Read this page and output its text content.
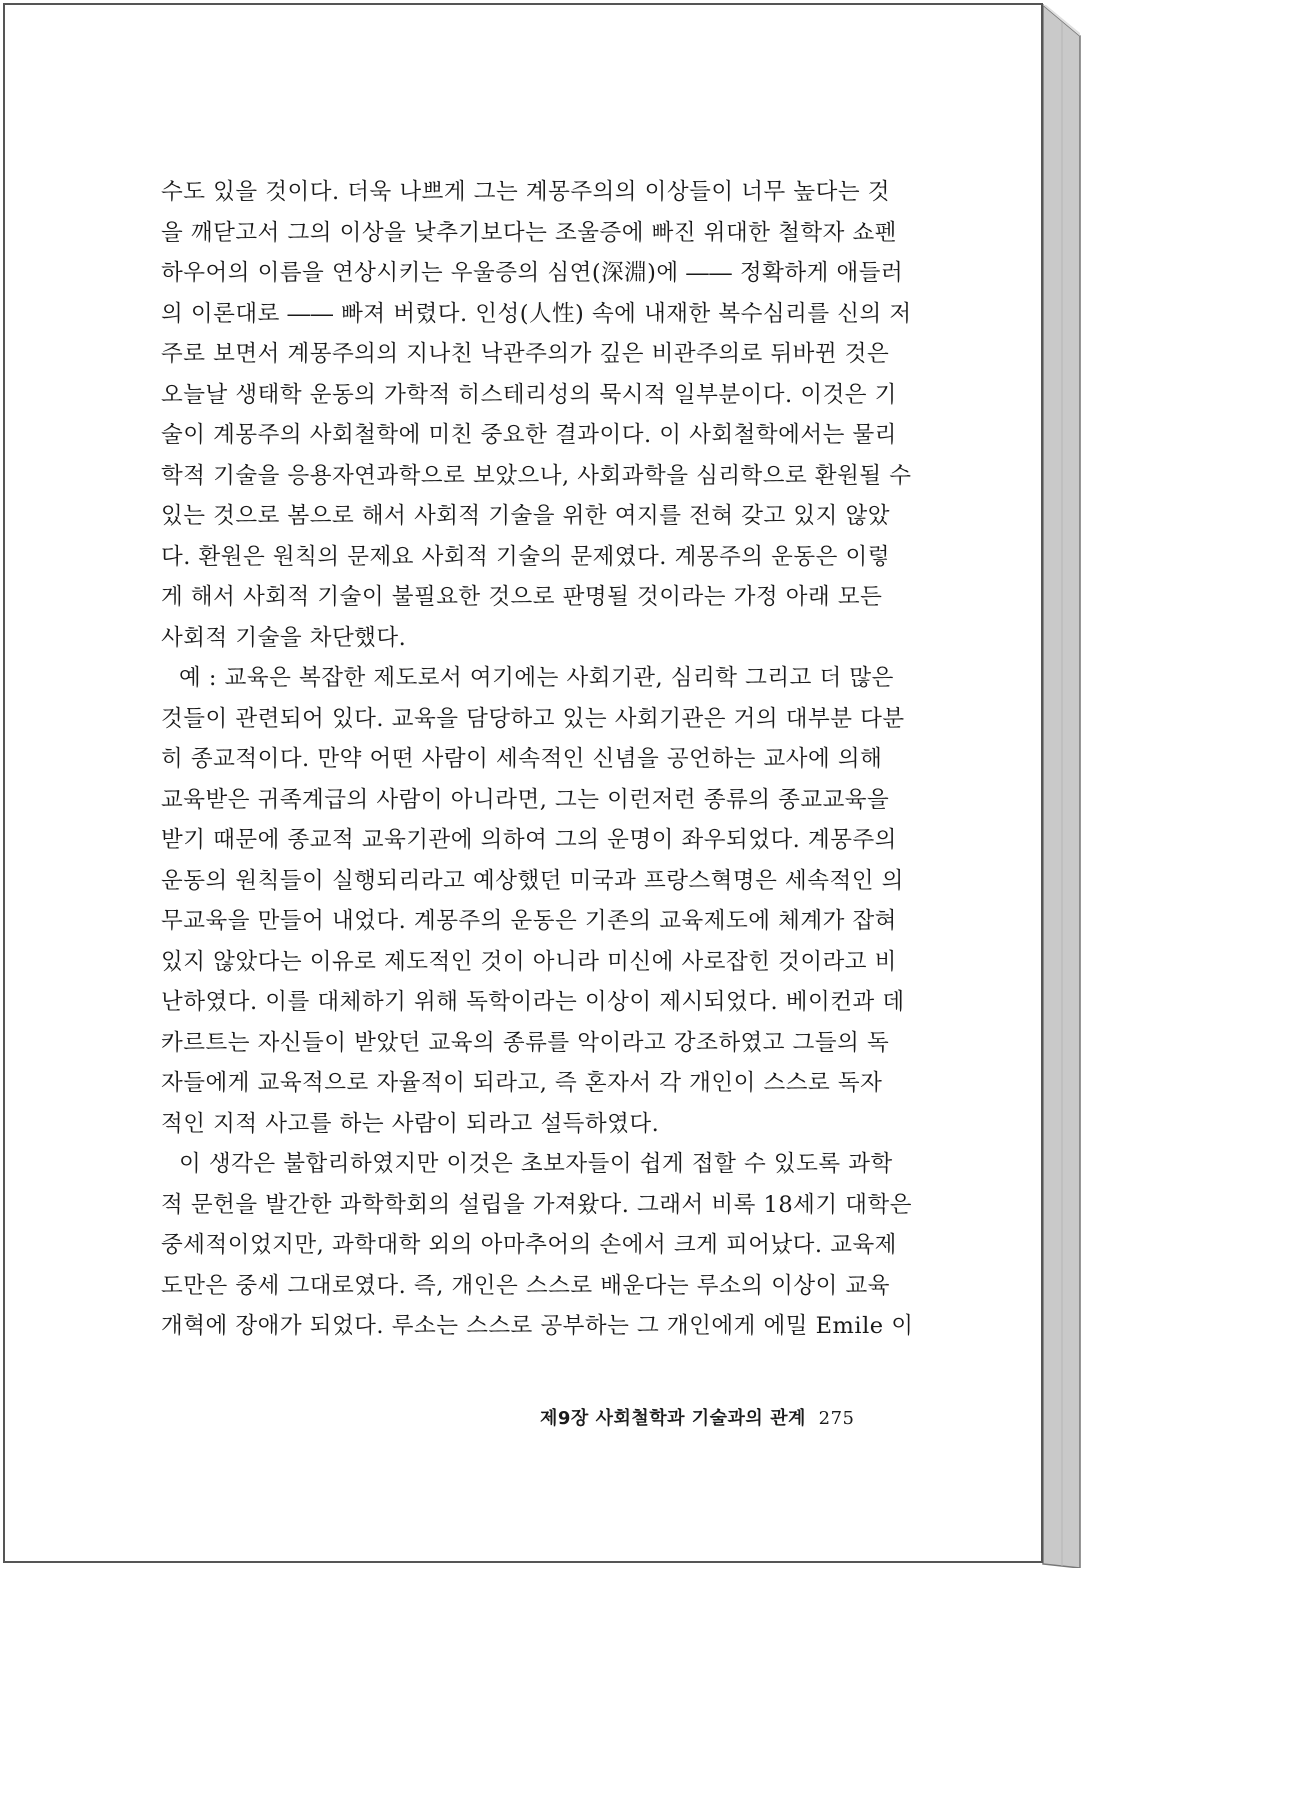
수도 있을 것이다. 더욱 나쁘게 그는 계몽주의의 이상들이 너무 높다는 것
을 깨닫고서 그의 이상을 낮추기보다는 조울증에 빠진 위대한 철학자 쇼펜
하우어의 이름을 연상시키는 우울증의 심연(深淵)에 ―― 정확하게 애들러
의 이론대로 ―― 빠져 버렸다. 인성(人性) 속에 내재한 복수심리를 신의 저
주로 보면서 계몽주의의 지나친 낙관주의가 깊은 비관주의로 뒤바뀐 것은
오늘날 생태학 운동의 가학적 히스테리성의 묵시적 일부분이다. 이것은 기
술이 계몽주의 사회철학에 미친 중요한 결과이다. 이 사회철학에서는 물리
학적 기술을 응용자연과학으로 보았으나, 사회과학을 심리학으로 환원될 수
있는 것으로 봄으로 해서 사회적 기술을 위한 여지를 전혀 갖고 있지 않았
다. 환원은 원칙의 문제요 사회적 기술의 문제였다. 계몽주의 운동은 이렇
게 해서 사회적 기술이 불필요한 것으로 판명될 것이라는 가정 아래 모든
사회적 기술을 차단했다.
예 : 교육은 복잡한 제도로서 여기에는 사회기관, 심리학 그리고 더 많은
것들이 관련되어 있다. 교육을 담당하고 있는 사회기관은 거의 대부분 다분
히 종교적이다. 만약 어떤 사람이 세속적인 신념을 공언하는 교사에 의해
교육받은 귀족계급의 사람이 아니라면, 그는 이런저런 종류의 종교교육을
받기 때문에 종교적 교육기관에 의하여 그의 운명이 좌우되었다. 계몽주의
운동의 원칙들이 실행되리라고 예상했던 미국과 프랑스혁명은 세속적인 의
무교육을 만들어 내었다. 계몽주의 운동은 기존의 교육제도에 체계가 잡혀
있지 않았다는 이유로 제도적인 것이 아니라 미신에 사로잡힌 것이라고 비
난하였다. 이를 대체하기 위해 독학이라는 이상이 제시되었다. 베이컨과 데
카르트는 자신들이 받았던 교육의 종류를 악이라고 강조하였고 그들의 독
자들에게 교육적으로 자율적이 되라고, 즉 혼자서 각 개인이 스스로 독자
적인 지적 사고를 하는 사람이 되라고 설득하였다.
이 생각은 불합리하였지만 이것은 초보자들이 쉽게 접할 수 있도록 과학
적 문헌을 발간한 과학학회의 설립을 가져왔다. 그래서 비록 18세기 대학은
중세적이었지만, 과학대학 외의 아마추어의 손에서 크게 피어났다. 교육제
도만은 중세 그대로였다. 즉, 개인은 스스로 배운다는 루소의 이상이 교육
개혁에 장애가 되었다. 루소는 스스로 공부하는 그 개인에게 에밀 Emile 이
제9장 사회철학과 기술과의 관계 275
